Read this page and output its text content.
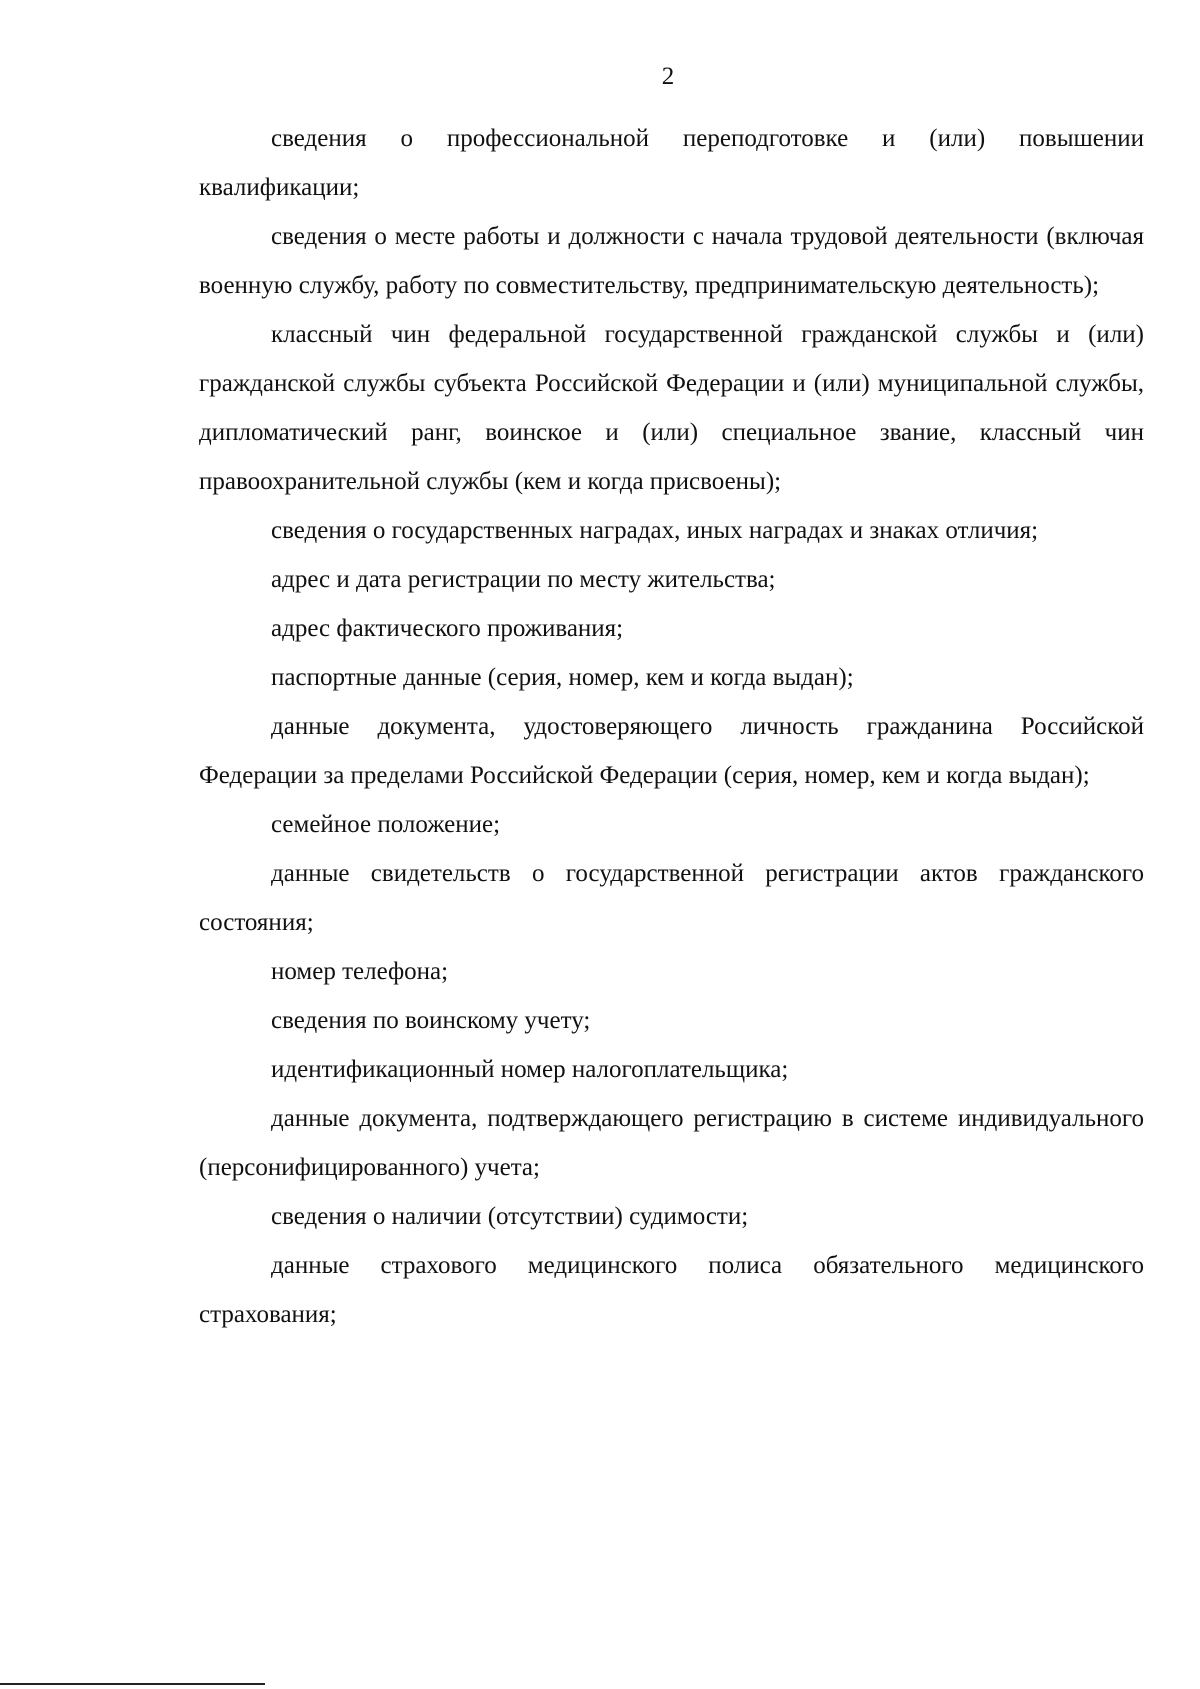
2

сведения о профессиональной переподготовке и (или) повышении квалификации;

сведения о месте работы и должности с начала трудовой деятельности (включая военную службу, работу по совместительству, предпринимательскую деятельность);

классный чин федеральной государственной гражданской службы и (или) гражданской службы субъекта Российской Федерации и (или) муниципальной службы, дипломатический ранг, воинское и (или) специальное звание, классный чин правоохранительной службы (кем и когда присвоены);

сведения о государственных наградах, иных наградах и знаках отличия;

адрес и дата регистрации по месту жительства;

адрес фактического проживания;

паспортные данные (серия, номер, кем и когда выдан);

данные документа, удостоверяющего личность гражданина Российской Федерации за пределами Российской Федерации (серия, номер, кем и когда выдан);

семейное положение;

данные свидетельств о государственной регистрации актов гражданского состояния;

номер телефона;

сведения по воинскому учету;

идентификационный номер налогоплательщика;

данные документа, подтверждающего регистрацию в системе индивидуального (персонифицированного) учета;

сведения о наличии (отсутствии) судимости;

данные страхового медицинского полиса обязательного медицинского страхования;
